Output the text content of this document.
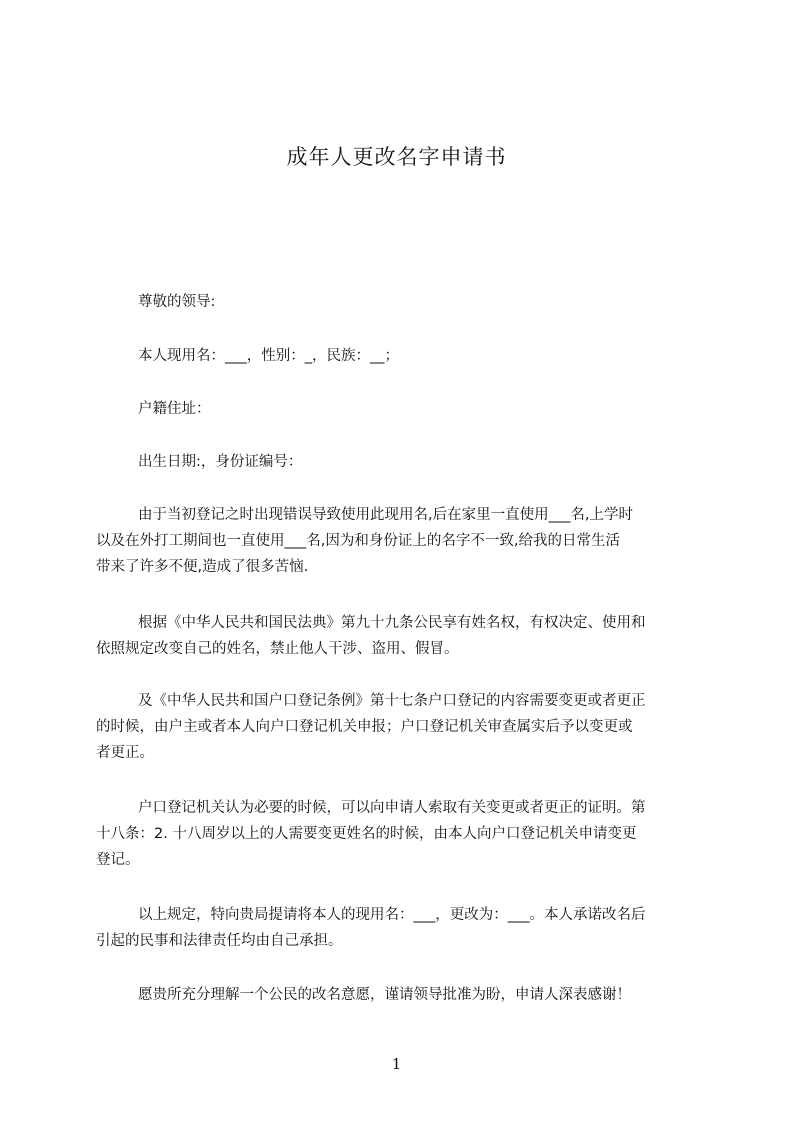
成年人更改名字申请书
尊敬的领导:
本人现用名：___，性别：_，民族：__；
户籍住址：
出生日期:，身份证编号：
由于当初登记之时出现错误导致使用此现用名,后在家里一直使用___名,上学时
以及在外打工期间也一直使用___名,因为和身份证上的名字不一致,给我的日常生活
带来了许多不便,造成了很多苦恼.
根据《中华人民共和国民法典》第九十九条公民享有姓名权，有权决定、使用和
依照规定改变自己的姓名，禁止他人干涉、盗用、假冒。
及《中华人民共和国户口登记条例》第十七条户口登记的内容需要变更或者更正
的时候，由户主或者本人向户口登记机关申报；户口登记机关审查属实后予以变更或
者更正。
户口登记机关认为必要的时候，可以向申请人索取有关变更或者更正的证明。第
十八条：2. 十八周岁以上的人需要变更姓名的时候，由本人向户口登记机关申请变更
登记。
以上规定，特向贵局提请将本人的现用名：___，更改为：___。本人承诺改名后
引起的民事和法律责任均由自己承担。
愿贵所充分理解一个公民的改名意愿，谨请领导批准为盼，申请人深表感谢！
1
